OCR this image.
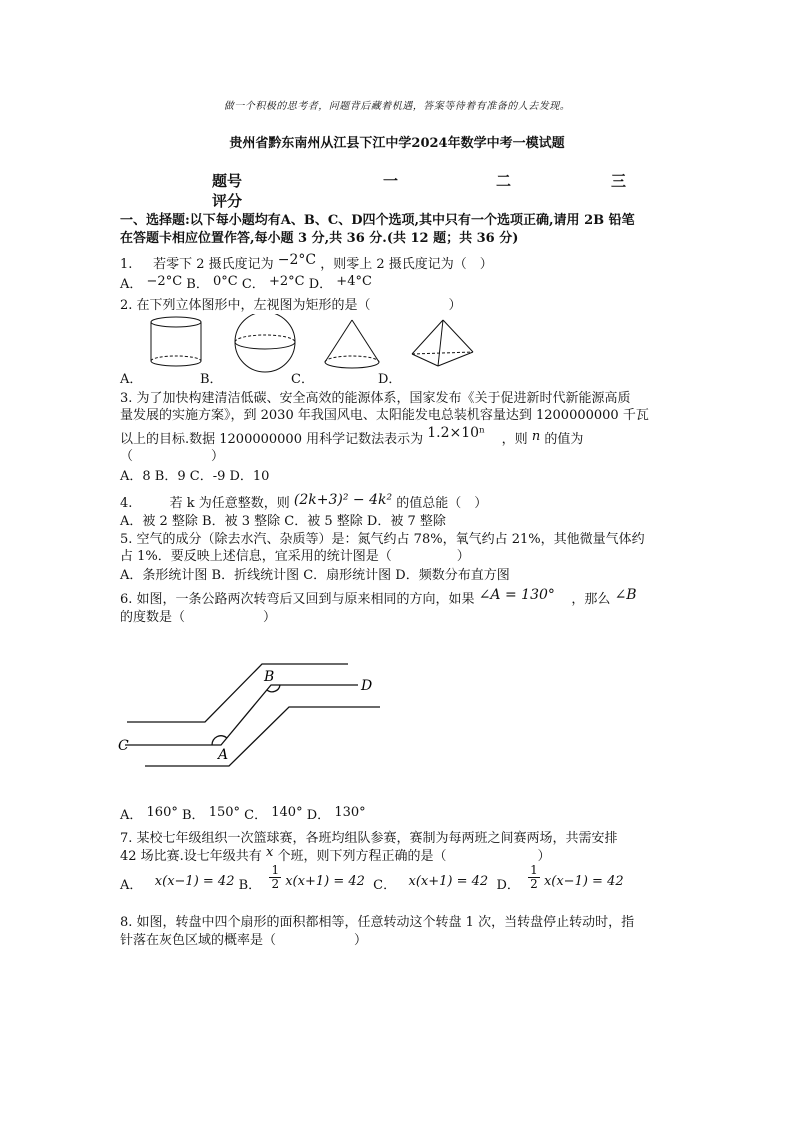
做一个积极的思考者，问题背后藏着机遇，答案等待着有准备的人去发现。
贵州省黔东南州从江县下江中学2024年数学中考一模试题
题号	一	二	三
评分
一、选择题:以下每小题均有A、B、C、D四个选项,其中只有一个选项正确,请用 2B 铅笔
在答题卡相应位置作答,每小题 3 分,共 36 分.(共 12 题；共 36 分)
1. 若零下 2 摄氏度记为 −2°C ，则零上 2 摄氏度记为（　）
A． −2°C B． 0°C C． +2°C D． +4°C
2. 在下列立体图形中，左视图为矩形的是（　　　　　　）
A．	B．	C．	D．
3. 为了加快构建清洁低碳、安全高效的能源体系，国家发布《关于促进新时代新能源高质
量发展的实施方案》，到 2030 年我国风电、太阳能发电总装机容量达到 1200000000 千瓦
以上的目标.数据 1200000000 用科学记数法表示为 1.2×10ⁿ ，则 n 的值为
（　　　　　　）
A．8 B．9 C．-9 D．10
4.	若 k 为任意整数，则 (2k+3)² − 4k² 的值总能（　）
A．被 2 整除 B．被 3 整除 C．被 5 整除 D．被 7 整除
5. 空气的成分（除去水汽、杂质等）是：氮气约占 78%，氧气约占 21%，其他微量气体约
占 1%．要反映上述信息，宜采用的统计图是（　　　　　）
A．条形统计图 B．折线统计图 C．扇形统计图 D．频数分布直方图
6. 如图，一条公路两次转弯后又回到与原来相同的方向，如果 ∠A = 130° ，那么 ∠B
的度数是（　　　　　　）
C
A
B
D
A． 160° B． 150° C． 140° D． 130°
7. 某校七年级组织一次篮球赛，各班均组队参赛，赛制为每两班之间赛两场，共需安排
42 场比赛.设七年级共有 x 个班，则下列方程正确的是（　　　　　　　）
A． x(x−1) = 42 B． $\frac{1}{2} x(x+1) = 42$ C． x(x+1) = 42 D． $\frac{1}{2} x(x-1) = 42$
8. 如图，转盘中四个扇形的面积都相等，任意转动这个转盘 1 次，当转盘停止转动时，指
针落在灰色区域的概率是（　　　　　　）
